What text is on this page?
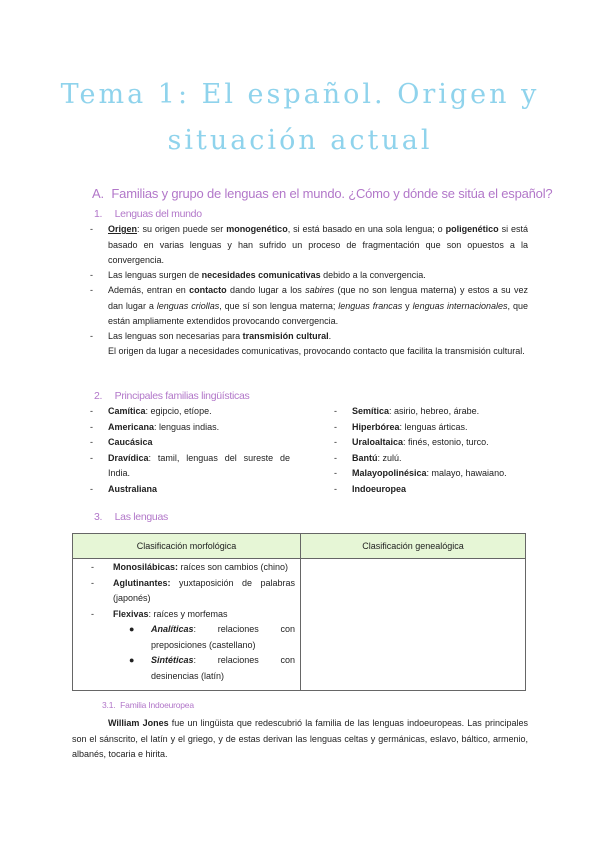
Tema 1: El español. Origen y situación actual
A. Familias y grupo de lenguas en el mundo. ¿Cómo y dónde se sitúa el español?
1. Lenguas del mundo
- Origen: su origen puede ser monogenético, si está basado en una sola lengua; o poligenético si está basado en varias lenguas y han sufrido un proceso de fragmentación que son opuestos a la convergencia.
- Las lenguas surgen de necesidades comunicativas debido a la convergencia.
- Además, entran en contacto dando lugar a los sabires (que no son lengua materna) y estos a su vez dan lugar a lenguas criollas, que sí son lengua materna; lenguas francas y lenguas internacionales, que están ampliamente extendidos provocando convergencia.
- Las lenguas son necesarias para transmisión cultural.
El origen da lugar a necesidades comunicativas, provocando contacto que facilita la transmisión cultural.
2. Principales familias lingüísticas
- Camítica: egipcio, etíope.
- Americana: lenguas indias.
- Caucásica
- Dravídica: tamil, lenguas del sureste de India.
- Australiana
- Semítica: asirio, hebreo, árabe.
- Hiperbórea: lenguas árticas.
- Uraloaltaica: finés, estonio, turco.
- Bantú: zulú.
- Malayopolinésica: malayo, hawaiano.
- Indoeuropea
3. Las lenguas
Clasificación morfológica	Clasificación genealógica
- Monosilábicas: raíces son cambios (chino)
- Aglutinantes: yuxtaposición de palabras (japonés)
- Flexivas: raíces y morfemas
● Analíticas: relaciones con preposiciones (castellano)
● Sintéticas: relaciones con desinencias (latín)
3.1. Familia Indoeuropea
William Jones fue un lingüista que redescubrió la familia de las lenguas indoeuropeas. Las principales son el sánscrito, el latín y el griego, y de estas derivan las lenguas celtas y germánicas, eslavo, báltico, armenio, albanés, tocaria e hirita.
